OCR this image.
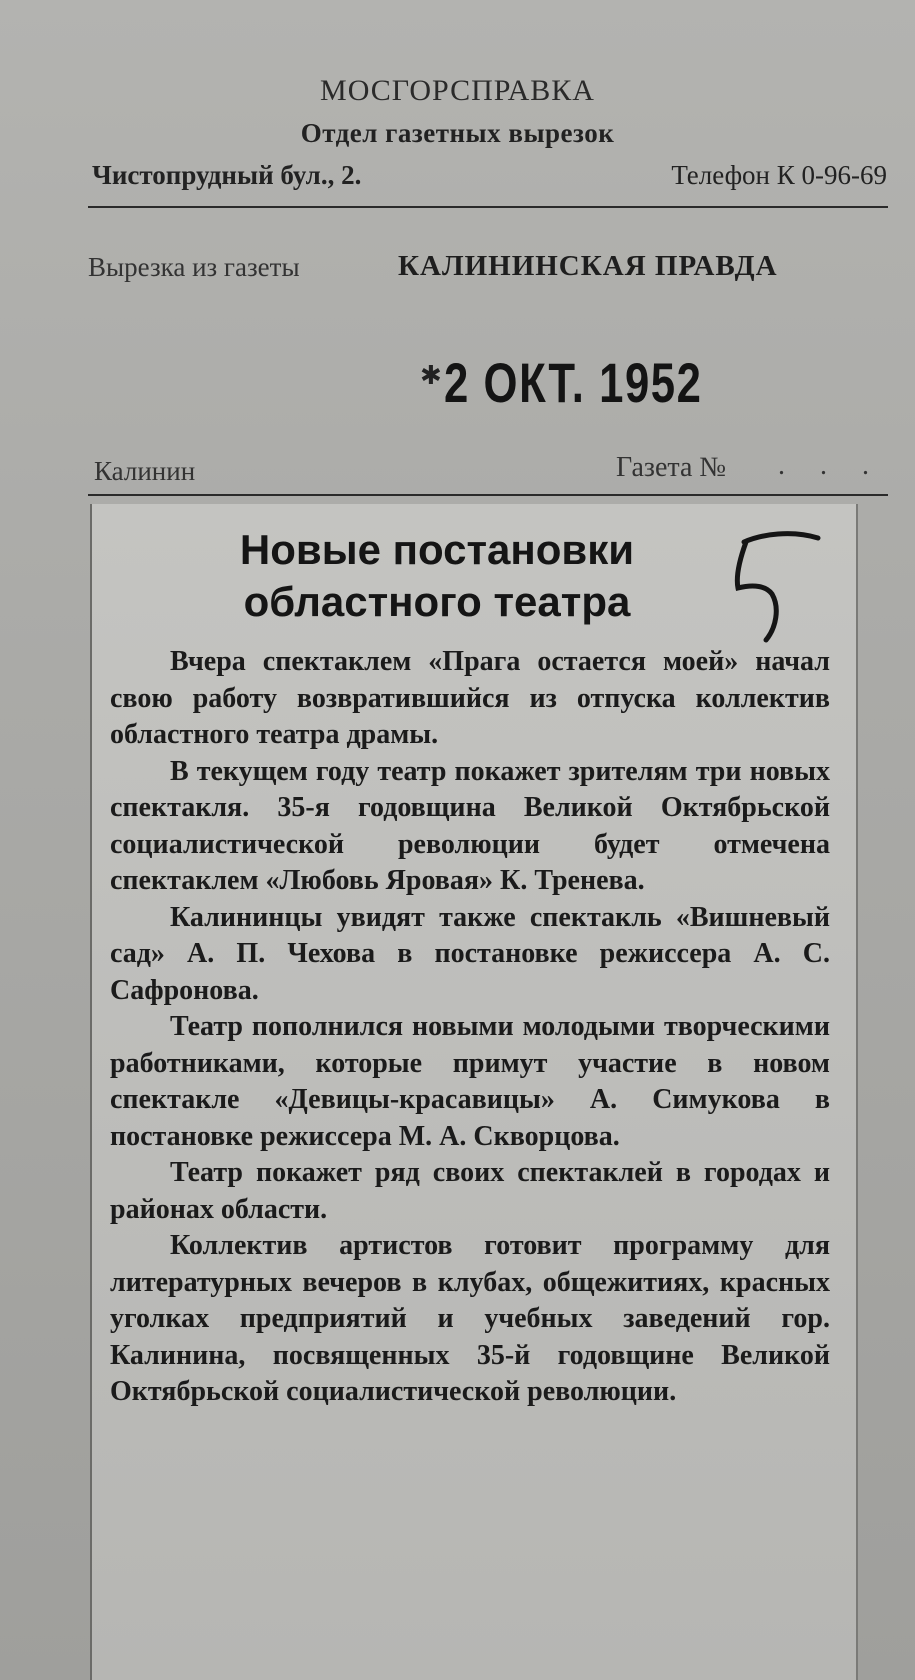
МОСГОРСПРАВКА
Отдел газетных вырезок
Чистопрудный бул., 2.	Телефон К 0-96-69
Вырезка из газеты	КАЛИНИНСКАЯ ПРАВДА
✱ 2 ОКТ. 1952
Калинин	Газета № . . .
Новые постановки
областного театра

Вчера спектаклем «Прага остается моей» начал свою работу возвратившийся из отпуска коллектив областного театра драмы.

В текущем году театр покажет зрителям три новых спектакля. 35-я годовщина Великой Октябрьской социалистической революции будет отмечена спектаклем «Любовь Яровая» К. Тренева.

Калининцы увидят также спектакль «Вишневый сад» А. П. Чехова в постановке режиссера А. С. Сафронова.

Театр пополнился новыми молодыми творческими работниками, которые примут участие в новом спектакле «Девицы-красавицы» А. Симукова в постановке режиссера М. А. Скворцова.

Театр покажет ряд своих спектаклей в городах и районах области.

Коллектив артистов готовит программу для литературных вечеров в клубах, общежитиях, красных уголках предприятий и учебных заведений гор. Калинина, посвященных 35-й годовщине Великой Октябрьской социалистической революции.
